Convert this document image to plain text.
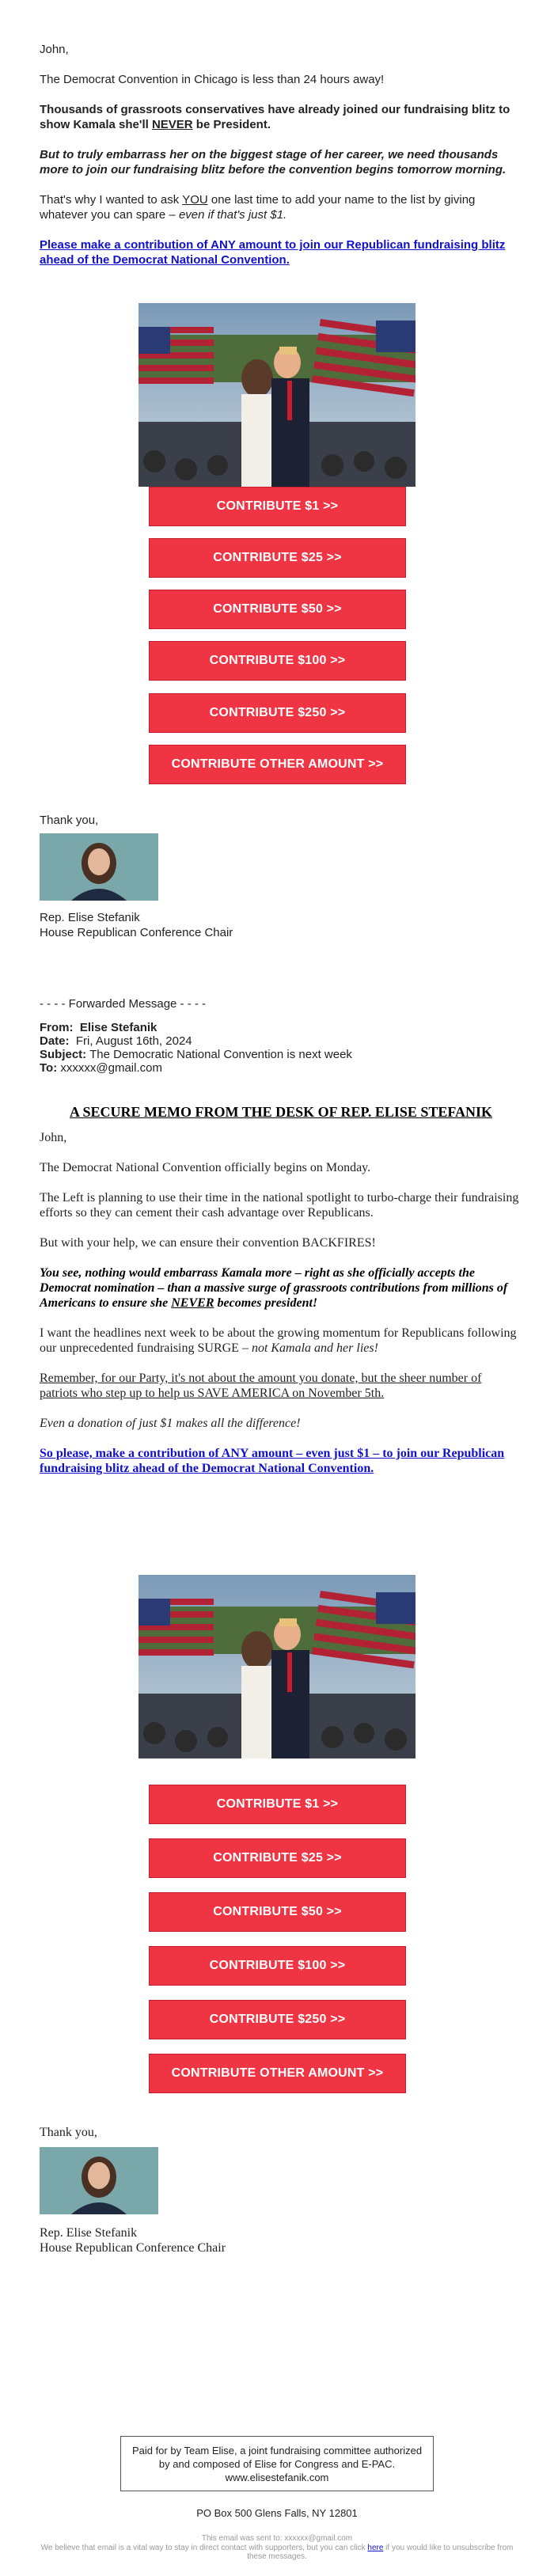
John,

The Democrat Convention in Chicago is less than 24 hours away!

Thousands of grassroots conservatives have already joined our fundraising blitz to show Kamala she'll NEVER be President.

But to truly embarrass her on the biggest stage of her career, we need thousands more to join our fundraising blitz before the convention begins tomorrow morning.

That's why I wanted to ask YOU one last time to add your name to the list by giving whatever you can spare – even if that's just $1.

Please make a contribution of ANY amount to join our Republican fundraising blitz ahead of the Democrat National Convention.

CONTRIBUTE $1 >>
CONTRIBUTE $25 >>
CONTRIBUTE $50 >>
CONTRIBUTE $100 >>
CONTRIBUTE $250 >>
CONTRIBUTE OTHER AMOUNT >>
Thank you,

Rep. Elise Stefanik

House Republican Conference Chair

- - - - Forwarded Message - - - -

From: Elise Stefanik

Date: Fri, August 16th, 2024

Subject: The Democratic National Convention is next week

To: xxxxxx@gmail.com

A SECURE MEMO FROM THE DESK OF REP. ELISE STEFANIK

John,

The Democrat National Convention officially begins on Monday.

The Left is planning to use their time in the national spotlight to turbo-charge their fundraising efforts so they can cement their cash advantage over Republicans.

But with your help, we can ensure their convention BACKFIRES!

You see, nothing would embarrass Kamala more – right as she officially accepts the Democrat nomination – than a massive surge of grassroots contributions from millions of Americans to ensure she NEVER becomes president!

I want the headlines next week to be about the growing momentum for Republicans following our unprecedented fundraising SURGE – not Kamala and her lies!

Remember, for our Party, it's not about the amount you donate, but the sheer number of patriots who step up to help us SAVE AMERICA on November 5th.

Even a donation of just $1 makes all the difference!

So please, make a contribution of ANY amount – even just $1 – to join our Republican fundraising blitz ahead of the Democrat National Convention.

CONTRIBUTE $1 >>
CONTRIBUTE $25 >>
CONTRIBUTE $50 >>
CONTRIBUTE $100 >>
CONTRIBUTE $250 >>
CONTRIBUTE OTHER AMOUNT >>
Thank you,

Rep. Elise Stefanik

House Republican Conference Chair

Paid for by Team Elise, a joint fundraising committee authorized by and composed of Elise for Congress and E-PAC. www.elisestefanik.com
PO Box 500 Glens Falls, NY 12801
This email was sent to: xxxxxx@gmail.com
We believe that email is a vital way to stay in direct contact with supporters, but you can click here if you would like to unsubscribe from these messages.
